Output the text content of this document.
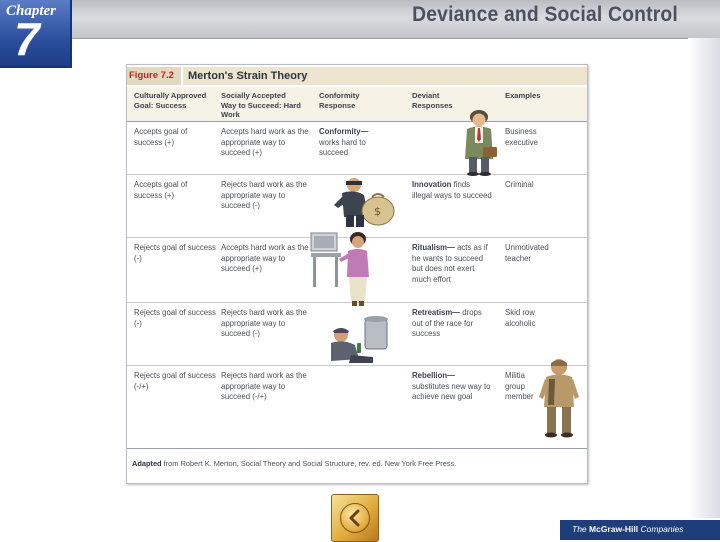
Deviance and Social Control
Chapter
7
Figure 7.2	Merton's Strain Theory
Culturally Approved Goal: Success
Socially Accepted Way to Succeed: Hard Work
Conformity Response
Deviant Responses
Examples
Accepts goal of success (+)
Accepts hard work as the appropriate way to succeed (+)
Conformity— works hard to succeed
Business executive
Accepts goal of success (+)
Rejects hard work as the appropriate way to succeed (-)
Innovation finds illegal ways to succeed
Criminal
Rejects goal of success (-)
Accepts hard work as the appropriate way to succeed (+)
Ritualism— acts as if he wants to succeed but does not exert much effort
Unmotivated teacher
Rejects goal of success (-)
Rejects hard work as the appropriate way to succeed (-)
Retreatism— drops out of the race for success
Skid row alcoholic
Rejects goal of success (-/+)
Rejects hard work as the appropriate way to succeed (-/+)
Rebellion— substitutes new way to achieve new goal
Militia group member
$
Adapted from Robert K. Merton, Social Theory and Social Structure, rev. ed. New York Free Press.
The McGraw-Hill Companies
